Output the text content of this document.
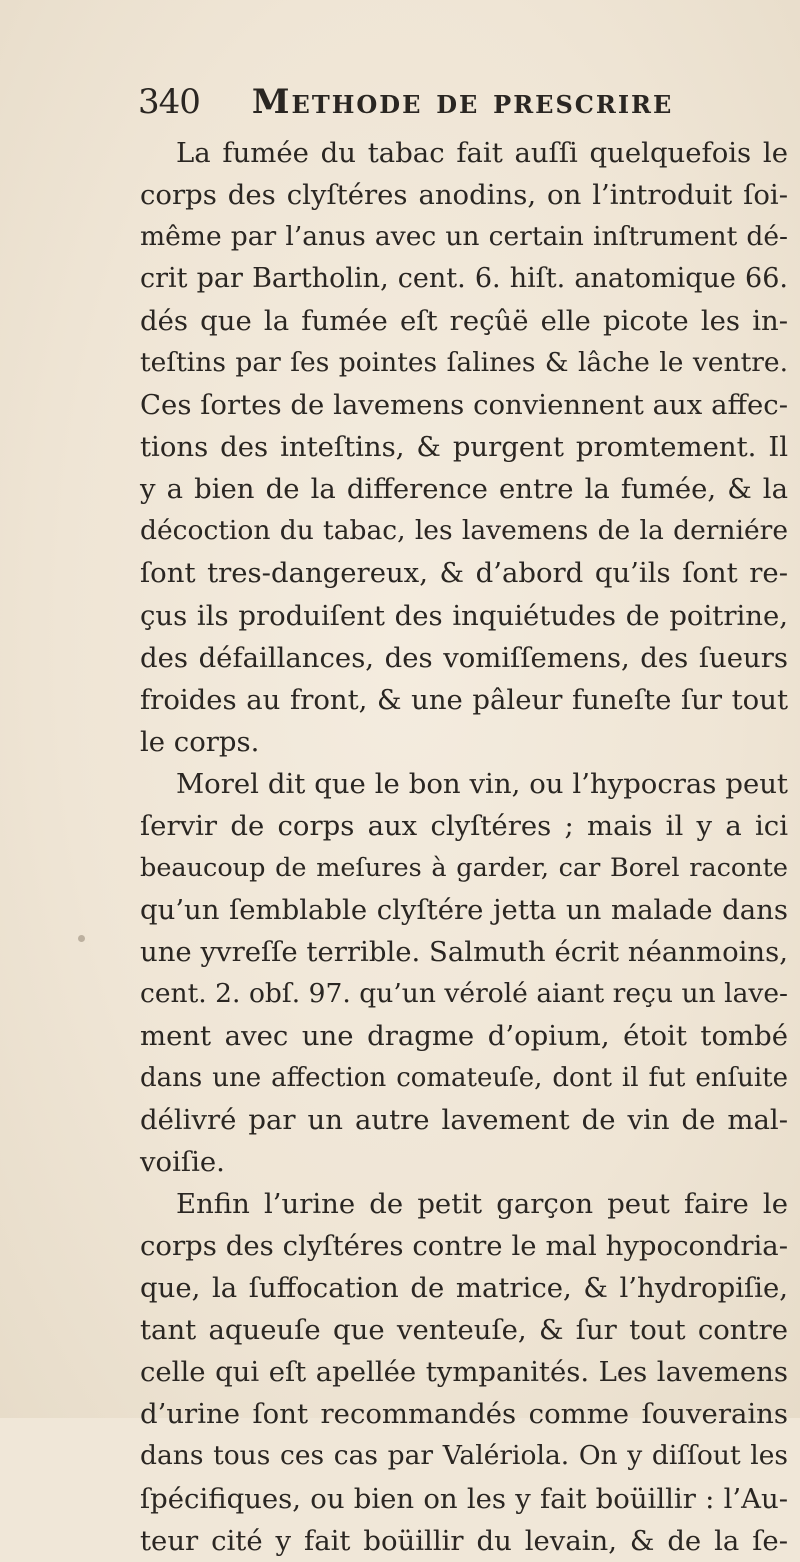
340 Methode de prescrire
La fumée du tabac fait auſſi quelquefois le
corps des clyſtéres anodins, on l’introduit ſoi-
même par l’anus avec un certain inſtrument dé-
crit par Bartholin, cent. 6. hiſt. anatomique 66.
dés que la fumée eſt reçûë elle picote les in-
teſtins par ſes pointes ſalines & lâche le ventre.
Ces ſortes de lavemens conviennent aux affec-
tions des inteſtins, & purgent promtement. Il
y a bien de la difference entre la fumée, & la
décoction du tabac, les lavemens de la derniére
ſont tres-dangereux, & d’abord qu’ils ſont re-
çus ils produiſent des inquiétudes de poitrine,
des défaillances, des vomiſſemens, des ſueurs
froides au front, & une pâleur funeſte ſur tout
le corps.
Morel dit que le bon vin, ou l’hypocras peut
ſervir de corps aux clyſtéres ; mais il y a ici
beaucoup de meſures à garder, car Borel raconte
qu’un ſemblable clyſtére jetta un malade dans
une yvreſſe terrible. Salmuth écrit néanmoins,
cent. 2. obſ. 97. qu’un vérolé aiant reçu un lave-
ment avec une dragme d’opium, étoit tombé
dans une affection comateuſe, dont il fut enſuite
délivré par un autre lavement de vin de mal-
voiſie.
Enfin l’urine de petit garçon peut faire le
corps des clyſtéres contre le mal hypocondria-
que, la ſuffocation de matrice, & l’hydropiſie,
tant aqueuſe que venteuſe, & ſur tout contre
celle qui eſt apellée tympanités. Les lavemens
d’urine ſont recommandés comme ſouverains
dans tous ces cas par Valériola. On y diſſout les
ſpécifiques, ou bien on les y fait boüillir : l’Au-
teur cité y fait boüillir du levain, & de la ſe-
